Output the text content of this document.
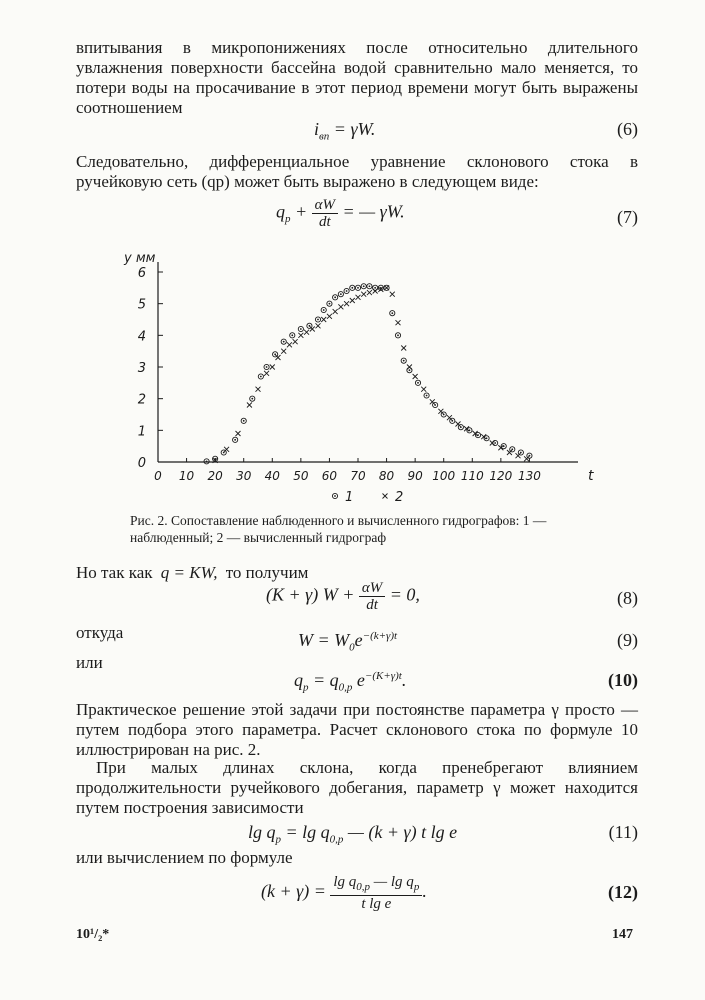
впитывания в микропонижениях после относительно длительного увлажнения поверхности бассейна водой сравнительно мало меняется, то потери воды на просачивание в этот период времени могут быть выражены соотношением

$i_{вп} = \gamma W$.	(6)

Следовательно, дифференциальное уравнение склонового стока в ручейковую сеть (qр) может быть выражено в следующем виде:

$q_p + \frac{\alpha W}{dt}$ = — γW.	(7)
y мм
t
0 10 20 30 40 50 60 70 80 90 100 110 120 130
0
1
2
3
4
5
6
1	2
Рис. 2. Сопоставление наблюденного и вычисленного гидрографов: 1 — наблюденный; 2 — вычисленный гидрограф
Но так как q = KW, то получим
(K + γ) $W + \frac{\alpha W}{dt} = 0$,	(8)
откуда	$W = W_0e^{-(k+\gamma)t}$	(9)
или
$q_p = q_{0,p}$ $e^{-(K+\gamma)t}$.	(10)

Практическое решение этой задачи при постоянстве параметра γ просто — путем подбора этого параметра. Расчет склонового стока по формуле 10 иллюстрирован на рис. 2.

При малых длинах склона, когда пренебрегают влиянием продолжительности ручейкового добегания, параметр γ может находится путем построения зависимости

$\lg q_p = \lg q_{0,p}$ — (k + γ) t lg e	(11)
или вычислением по формуле
$(k + \gamma) = \frac{\lg q_{0,p} — \lg q_p}{\text{t lg e}}$ .	(12)
10¹/₂*	147
